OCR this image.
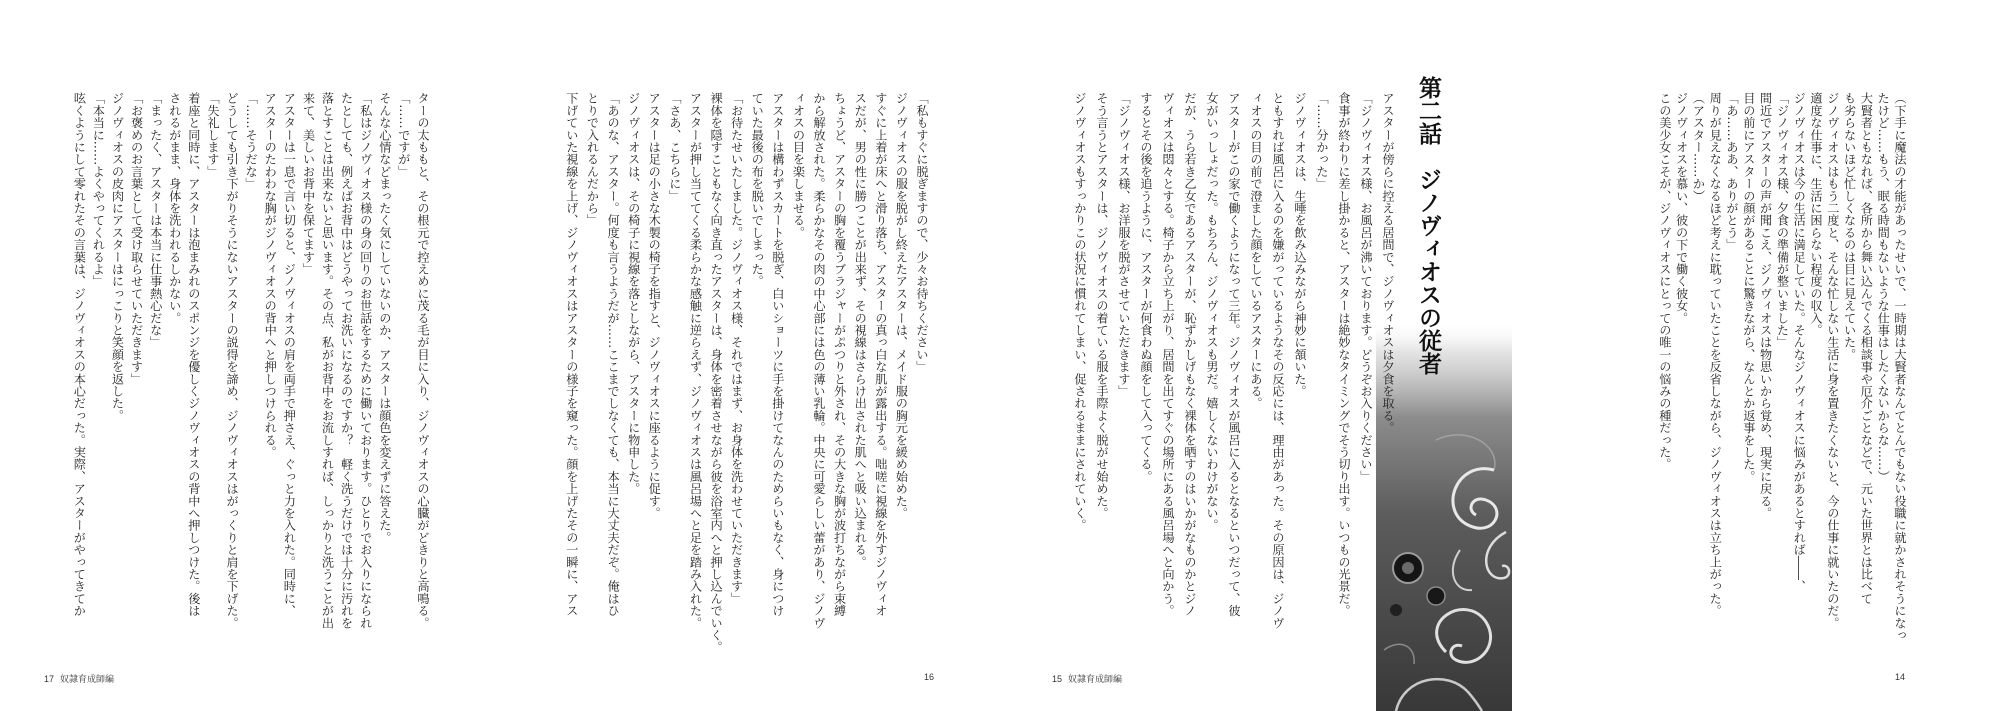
（下手に魔法の才能があったせいで、一時期は大賢者なんてとんでもない役職に就かされそうになっ
たけど……もう、眠る時間もないような仕事はしたくないからな……）
大賢者ともなれば、各所から舞い込んでくる相談事や厄介ごとなどで、元いた世界とは比べて
も劣らないほど忙しくなるのは目に見えていた。
ジノヴィオスはもう二度と、そんな忙しない生活に身を置きたくないと、今の仕事に就いたのだ。
適度な仕事に、生活に困らない程度の収入。
ジノヴィオスは今の生活に満足していた。そんなジノヴィオスに悩みがあるとすれば――、
「ジノヴィオス様、夕食の準備が整いました」
間近でアスターの声が聞こえ、ジノヴィオスは物思いから覚め、現実に戻る。
目の前にアスターの顔があることに驚きながら、なんとか返事をした。
「あ……ああ、ありがとう」
周りが見えなくなるほど考えに耽っていたことを反省しながら、ジノヴィオスは立ち上がった。
（アスター……か）
ジノヴィオスを慕い、彼の下で働く彼女。
この美少女こそが、ジノヴィオスにとっての唯一の悩みの種だった。
14
第二話　ジノヴィオスの従者
アスターが傍らに控える居間で、ジノヴィオスは夕食を取る。
「ジノヴィオス様、お風呂が沸いております。どうぞお入りください」
食事が終わりに差し掛かると、アスターは絶妙なタイミングでそう切り出す。いつもの光景だ。
「……分かった」
ジノヴィオスは、生唾を飲み込みながら神妙に頷いた。
ともすれば風呂に入るのを嫌がっているようなその反応には、理由があった。その原因は、ジノヴ
ィオスの目の前で澄ました顔をしているアスターにある。
アスターがこの家で働くようになって三年。ジノヴィオスが風呂に入るとなるといつだって、彼
女がいっしょだった。もちろん、ジノヴィオスも男だ。嬉しくないわけがない。
だが、うら若き乙女であるアスターが、恥ずかしげもなく裸体を晒すのはいかがなものかとジノ
ヴィオスは悶々とする。椅子から立ち上がり、居間を出てすぐの場所にある風呂場へと向かう。
するとその後を追うように、アスターが何食わぬ顔をして入ってくる。
「ジノヴィオス様、お洋服を脱がさせていただきます」
そう言うとアスターは、ジノヴィオスの着ている服を手際よく脱がせ始めた。
ジノヴィオスもすっかりこの状況に慣れてしまい、促されるままにされていく。
15 奴隷育成師編
「私もすぐに脱ぎますので、少々お待ちください」
ジノヴィオスの服を脱がし終えたアスターは、メイド服の胸元を緩め始めた。
すぐに上着が床へと滑り落ち、アスターの真っ白な肌が露出する。咄嗟に視線を外すジノヴィオ
スだが、男の性に勝つことが出来ず、その視線はさらけ出された肌へと吸い込まれる。
ちょうど、アスターの胸を覆うブラジャーがぷつりと外され、その大きな胸が波打ちながら束縛
から解放された。柔らかなその肉の中心部には色の薄い乳輪。中央に可愛らしい蕾があり、ジノヴ
ィオスの目を楽しませる。
アスターは構わずスカートを脱ぎ、白いショーツに手を掛けてなんのためらいもなく、身につけ
ていた最後の布を脱いでしまった。
「お待たせいたしました。ジノヴィオス様、それではまず、お身体を洗わせていただきます」
裸体を隠すこともなく向き直ったアスターは、身体を密着させながら彼を浴室内へと押し込んでいく。
アスターが押し当ててくる柔らかな感触に逆らえず、ジノヴィオスは風呂場へと足を踏み入れた。
「さあ、こちらに」
アスターは足の小さな木製の椅子を指すと、ジノヴィオスに座るように促す。
ジノヴィオスは、その椅子に視線を落としながら、アスターに物申した。
「あのな、アスター。何度も言うようだが……ここまでしなくても、本当に大丈夫だぞ。俺はひ
とりで入れるんだから」
下げていた視線を上げ、ジノヴィオスはアスターの様子を窺った。顔を上げたその一瞬に、アス
16
ターの太ももと、その根元で控えめに茂る毛が目に入り、ジノヴィオスの心臓がどきりと高鳴る。
「……ですが」
そんな心情などまったく気にしていないのか、アスターは顔色を変えずに答えた。
「私はジノヴィオス様の身の回りのお世話をするために働いております。ひとりでお入りになられ
たとしても、例えばお背中はどうやってお洗いになるのですか？　軽く洗うだけでは十分に汚れを
落とすことは出来ないと思います。その点、私がお背中をお流しすれば、しっかりと洗うことが出
来て、美しいお背中を保てます」
アスターは一息で言い切ると、ジノヴィオスの肩を両手で押さえ、ぐっと力を入れた。同時に、
アスターのたわわな胸がジノヴィオスの背中へと押しつけられる。
「……そうだな」
どうしても引き下がりそうにないアスターの説得を諦め、ジノヴィオスはがっくりと肩を下げた。
「失礼します」
着座と同時に、アスターは泡まみれのスポンジを優しくジノヴィオスの背中へ押しつけた。後は
されるがまま、身体を洗われるしかない。
「まったく、アスターは本当に仕事熱心だな」
「お褒めのお言葉として受け取らせていただきます」
ジノヴィオスの皮肉にアスターはにっこりと笑顔を返した。
「本当に……よくやってくれるよ」
呟くようにして零れたその言葉は、ジノヴィオスの本心だった。実際、アスターがやってきてか
17 奴隷育成師編
